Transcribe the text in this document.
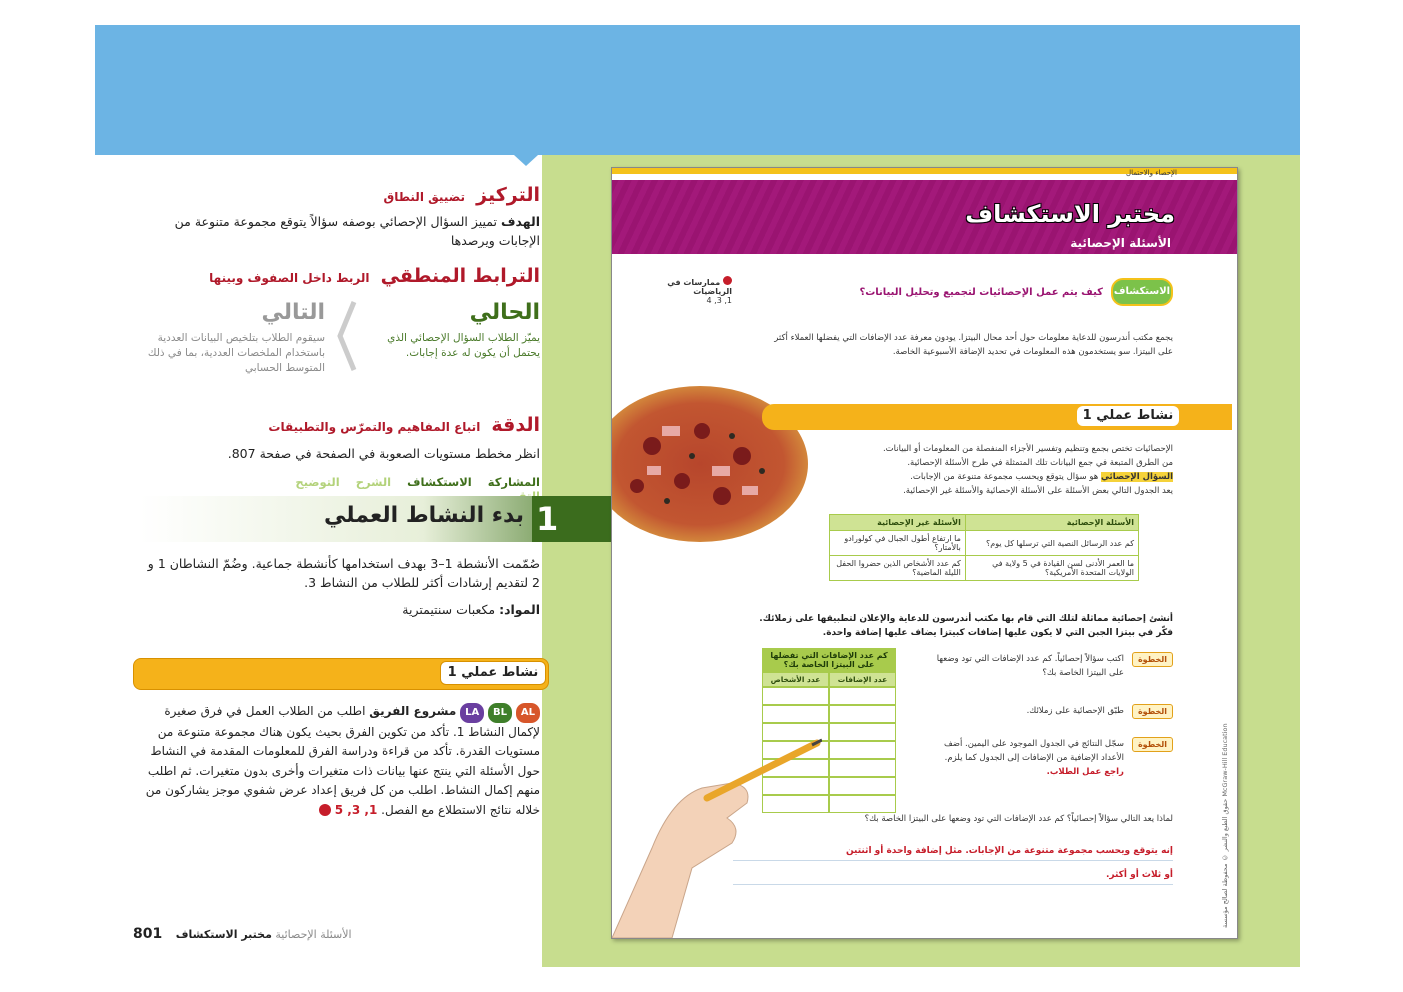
التركيز تضييق النطاق
الهدف تمييز السؤال الإحصائي بوصفه سؤالاً يتوقع مجموعة متنوعة من الإجابات ويرصدها
الترابط المنطقي الربط داخل الصفوف وبينها
الحالي
يميّز الطلاب السؤال الإحصائي الذي يحتمل أن يكون له عدة إجابات.
التالي
سيقوم الطلاب بتلخيص البيانات العددية باستخدام الملخصات العددية، بما في ذلك المتوسط الحسابي
الدقة اتباع المفاهيم والتمرّس والتطبيقات
انظر مخطط مستويات الصعوبة في الصفحة في صفحة 807.
المشاركة الاستكشاف الشرح التوضيح
1
بدء النشاط العملي
صُمّمت الأنشطة 1–3 بهدف استخدامها كأنشطة جماعية. وضُمّ النشاطان 1 و 2 لتقديم إرشادات أكثر للطلاب من النشاط 3.
المواد: مكعبات سنتيمترية
نشاط عملي 1
AL BL LA مشروع الفريق اطلب من الطلاب العمل في فرق صغيرة لإكمال النشاط 1. تأكد من تكوين الفرق بحيث يكون هناك مجموعة متنوعة من مستويات القدرة. تأكد من قراءة ودراسة الفرق للمعلومات المقدمة في النشاط حول الأسئلة التي ينتج عنها بيانات ذات متغيرات وأخرى بدون متغيرات. ثم اطلب منهم إكمال النشاط. اطلب من كل فريق إعداد عرض شفوي موجز يشاركون من خلاله نتائج الاستطلاع مع الفصل. 1, 3, 5
801	الأسئلة الإحصائية مختبر الاستكشاف
الإحصاء والاحتمال
مختبر الاستكشاف
الأسئلة الإحصائية
الاستكشاف
كيف يتم عمل الإحصائيات لتجميع وتحليل البيانات؟
ممارسات في الرياضيات
1, 3, 4
يجمع مكتب أندرسون للدعاية معلومات حول أحد محال البيتزا. يودون معرفة عدد الإضافات التي يفضلها العملاء أكثر على البيتزا. سو يستخدمون هذه المعلومات في تحديد الإضافة الأسبوعية الخاصة.
نشاط عملي 1
الإحصائيات تختص بجمع وتنظيم وتفسير الأجزاء المنفصلة من المعلومات أو البيانات.
من الطرق المتبعة في جمع البيانات تلك المتمثلة في طرح الأسئلة الإحصائية.
السؤال الإحصائي هو سؤال يتوقع ويحسب مجموعة متنوعة من الإجابات.
يعد الجدول التالي بعض الأسئلة على الأسئلة الإحصائية والأسئلة غير الإحصائية.
الأسئلة الإحصائية	الأسئلة غير الإحصائية
كم عدد الرسائل النصية التي ترسلها كل يوم؟	ما ارتفاع أطول الجبال في كولورادو بالأمتار؟
ما العمر الأدنى لسن القيادة في 5 ولاية في الولايات المتحدة الأمريكية؟	كم عدد الأشخاص الذين حضروا الحفل الليلة الماضية؟
أنشئ إحصائية مماثلة لتلك التي قام بها مكتب أندرسون للدعاية والإعلان لتطبيقها على زملائك.
فكّر في بيتزا الجبن التي لا يكون عليها إضافات كبيتزا يضاف عليها إضافة واحدة.
كم عدد الإضافات التي تفضلها على البيتزا الخاصة بك؟
عدد الإضافات
عدد الأشخاص
اكتب سؤالاً إحصائياً. كم عدد الإضافات التي تود وضعها على البيتزا الخاصة بك؟
الخطوة
طبّق الإحصائية على زملائك.	الخطوة
سجّل النتائج في الجدول الموجود على اليمين. أضف الأعداد الإضافية من الإضافات إلى الجدول كما يلزم. راجع عمل الطلاب.
الخطوة
لماذا يعد التالي سؤالاً إحصائياً؟ كم عدد الإضافات التي تود وضعها على البيتزا الخاصة بك؟
إنه يتوقع ويحسب مجموعة متنوعة من الإجابات. مثل إضافة واحدة أو اثنتين
أو ثلاث أو أكثر.	حقوق الطبع والنشر © محفوظة لصالح مؤسسة McGraw-Hill Education
